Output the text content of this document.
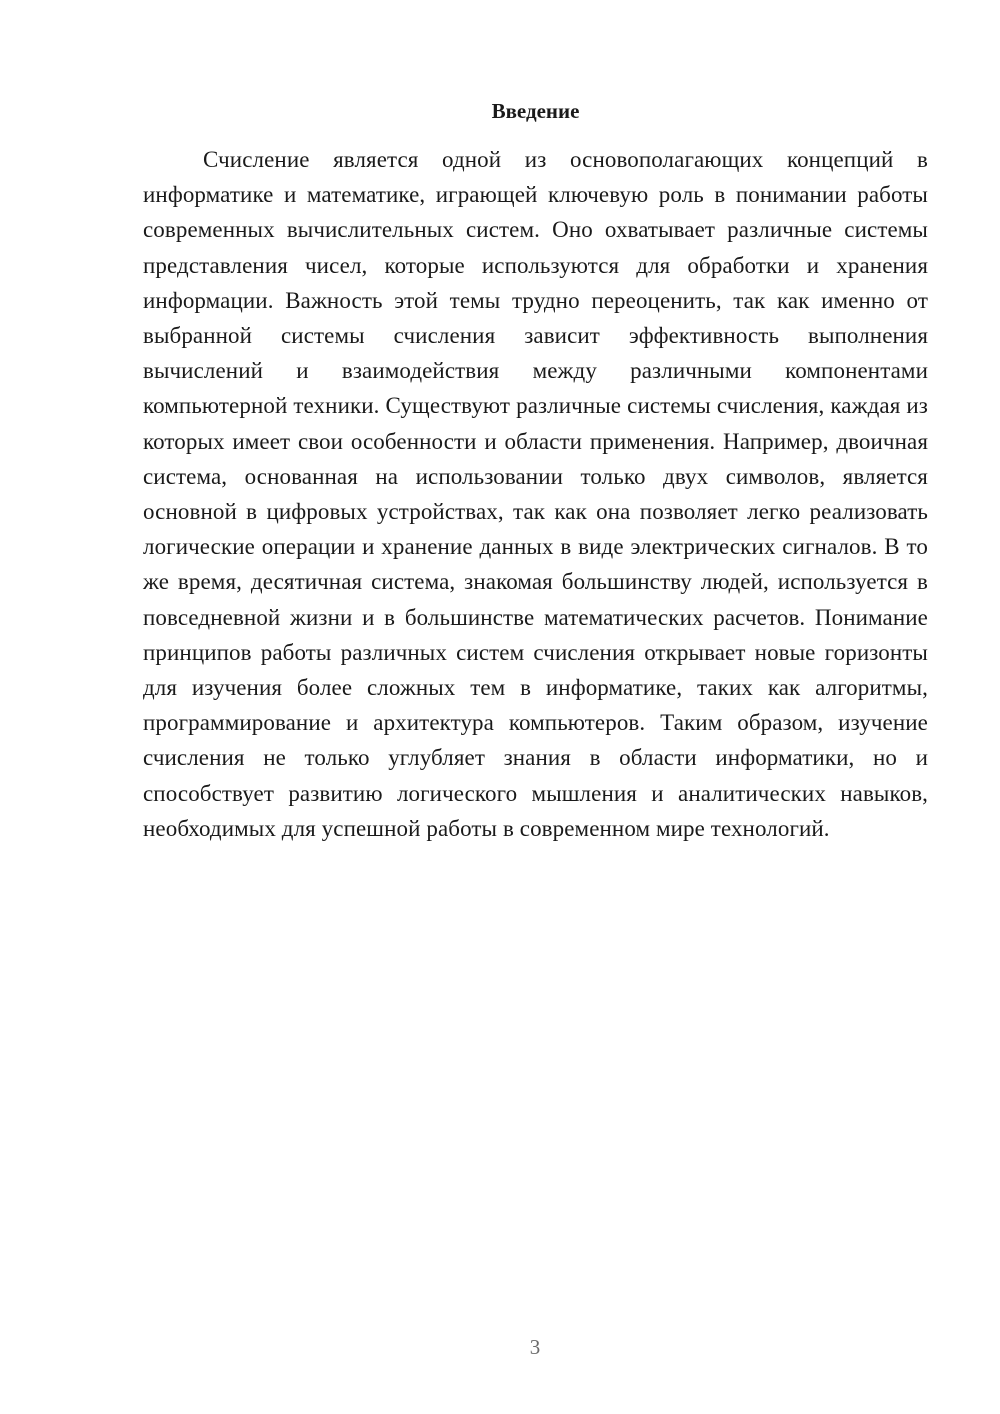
Введение

Счисление является одной из основополагающих концепций в информатике и математике, играющей ключевую роль в понимании работы современных вычислительных систем. Оно охватывает различные системы представления чисел, которые используются для обработки и хранения информации. Важность этой темы трудно переоценить, так как именно от выбранной системы счисления зависит эффективность выполнения вычислений и взаимодействия между различными компонентами компьютерной техники. Существуют различные системы счисления, каждая из которых имеет свои особенности и области применения. Например, двоичная система, основанная на использовании только двух символов, является основной в цифровых устройствах, так как она позволяет легко реализовать логические операции и хранение данных в виде электрических сигналов. В то же время, десятичная система, знакомая большинству людей, используется в повседневной жизни и в большинстве математических расчетов. Понимание принципов работы различных систем счисления открывает новые горизонты для изучения более сложных тем в информатике, таких как алгоритмы, программирование и архитектура компьютеров. Таким образом, изучение счисления не только углубляет знания в области информатики, но и способствует развитию логического мышления и аналитических навыков, необходимых для успешной работы в современном мире технологий.

3
